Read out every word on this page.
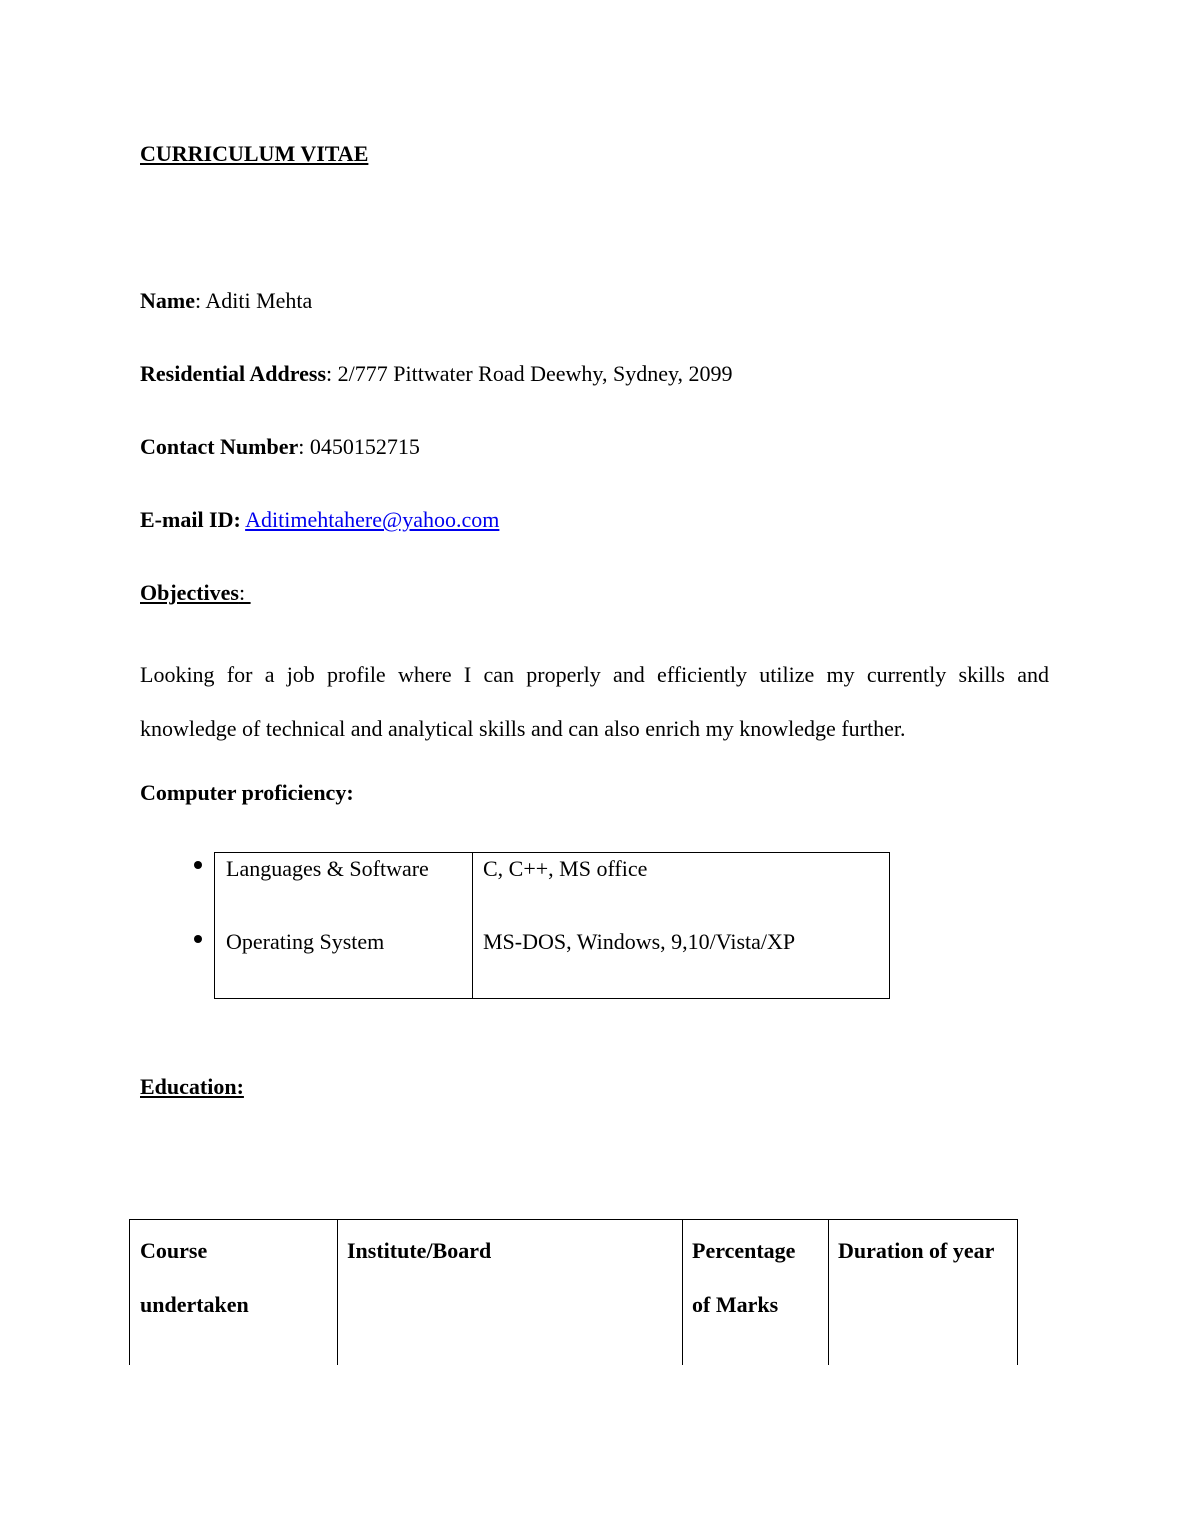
CURRICULUM VITAE
Name: Aditi Mehta
Residential Address: 2/777 Pittwater Road Deewhy, Sydney, 2099
Contact Number: 0450152715
E-mail ID: Aditimehtahere@yahoo.com
Objectives:
Looking for a job profile where I can properly and efficiently utilize my currently skills and knowledge of technical and analytical skills and can also enrich my knowledge further.
Computer proficiency:
Languages & Software C, C++, MS office
Operating System	MS-DOS, Windows, 9,10/Vista/XP
Education:
Course
undertaken
Institute/Board	Percentage
of Marks
Duration of year
